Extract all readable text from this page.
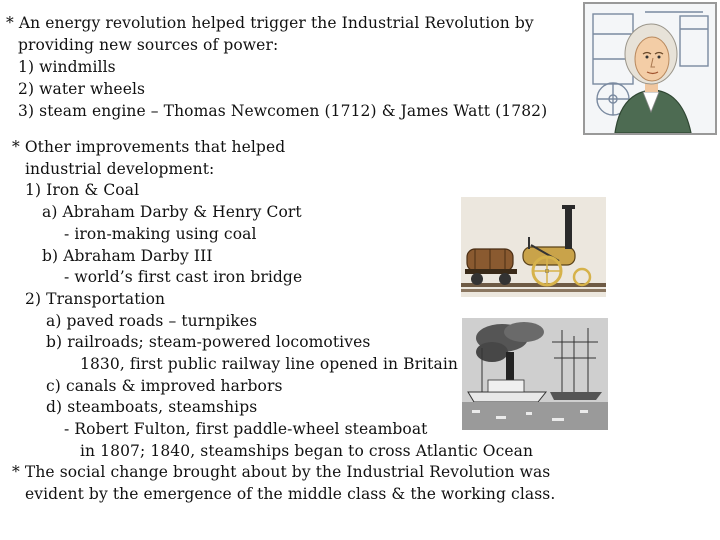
* An energy revolution helped trigger the Industrial Revolution by
providing new sources of power:
1) windmills
2) water wheels
3) steam engine – Thomas Newcomen (1712) & James Watt (1782)
* Other improvements that helped
industrial development:
1) Iron & Coal
a) Abraham Darby & Henry Cort
- iron-making using coal
b) Abraham Darby III
- world’s first cast iron bridge
2) Transportation
a) paved roads – turnpikes
b) railroads; steam-powered locomotives
1830, first public railway line opened in Britain
c) canals & improved harbors
d) steamboats, steamships
- Robert Fulton, first paddle-wheel steamboat
in 1807; 1840, steamships began to cross Atlantic Ocean
* The social change brought about by the Industrial Revolution was
evident by the emergence of the middle class & the working class.
